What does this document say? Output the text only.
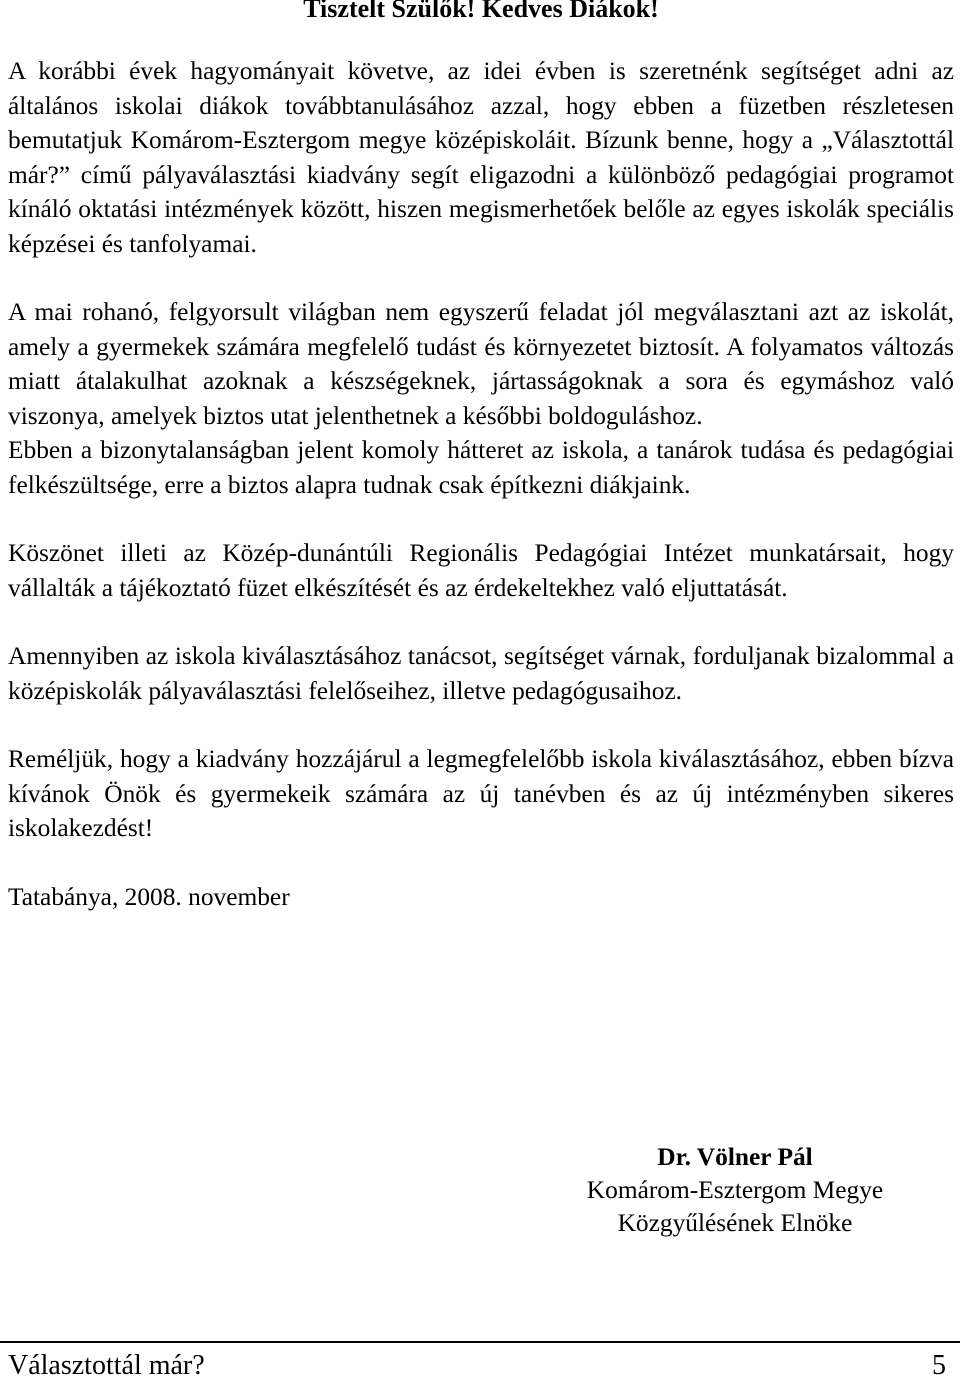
Tisztelt Szülők! Kedves Diákok!

A korábbi évek hagyományait követve, az idei évben is szeretnénk segítséget adni az általános iskolai diákok továbbtanulásához azzal, hogy ebben a füzetben részletesen bemutatjuk Komárom-Esztergom megye középiskoláit. Bízunk benne, hogy a „Választottál már?” című pályaválasztási kiadvány segít eligazodni a különböző pedagógiai programot kínáló oktatási intézmények között, hiszen megismerhetőek belőle az egyes iskolák speciális képzései és tanfolyamai.

A mai rohanó, felgyorsult világban nem egyszerű feladat jól megválasztani azt az iskolát, amely a gyermekek számára megfelelő tudást és környezetet biztosít. A folyamatos változás miatt átalakulhat azoknak a készségeknek, jártasságoknak a sora és egymáshoz való viszonya, amelyek biztos utat jelenthetnek a későbbi boldoguláshoz.

Ebben a bizonytalanságban jelent komoly hátteret az iskola, a tanárok tudása és pedagógiai felkészültsége, erre a biztos alapra tudnak csak építkezni diákjaink.

Köszönet illeti az Közép-dunántúli Regionális Pedagógiai Intézet munkatársait, hogy vállalták a tájékoztató füzet elkészítését és az érdekeltekhez való eljuttatását.

Amennyiben az iskola kiválasztásához tanácsot, segítséget várnak, forduljanak bizalommal a középiskolák pályaválasztási felelőseihez, illetve pedagógusaihoz.

Reméljük, hogy a kiadvány hozzájárul a legmegfelelőbb iskola kiválasztásához, ebben bízva kívánok Önök és gyermekeik számára az új tanévben és az új intézményben sikeres iskolakezdést!

Tatabánya, 2008. november

Dr. Völner Pál
Komárom-Esztergom Megye
Közgyűlésének Elnöke
Választottál már?	5
